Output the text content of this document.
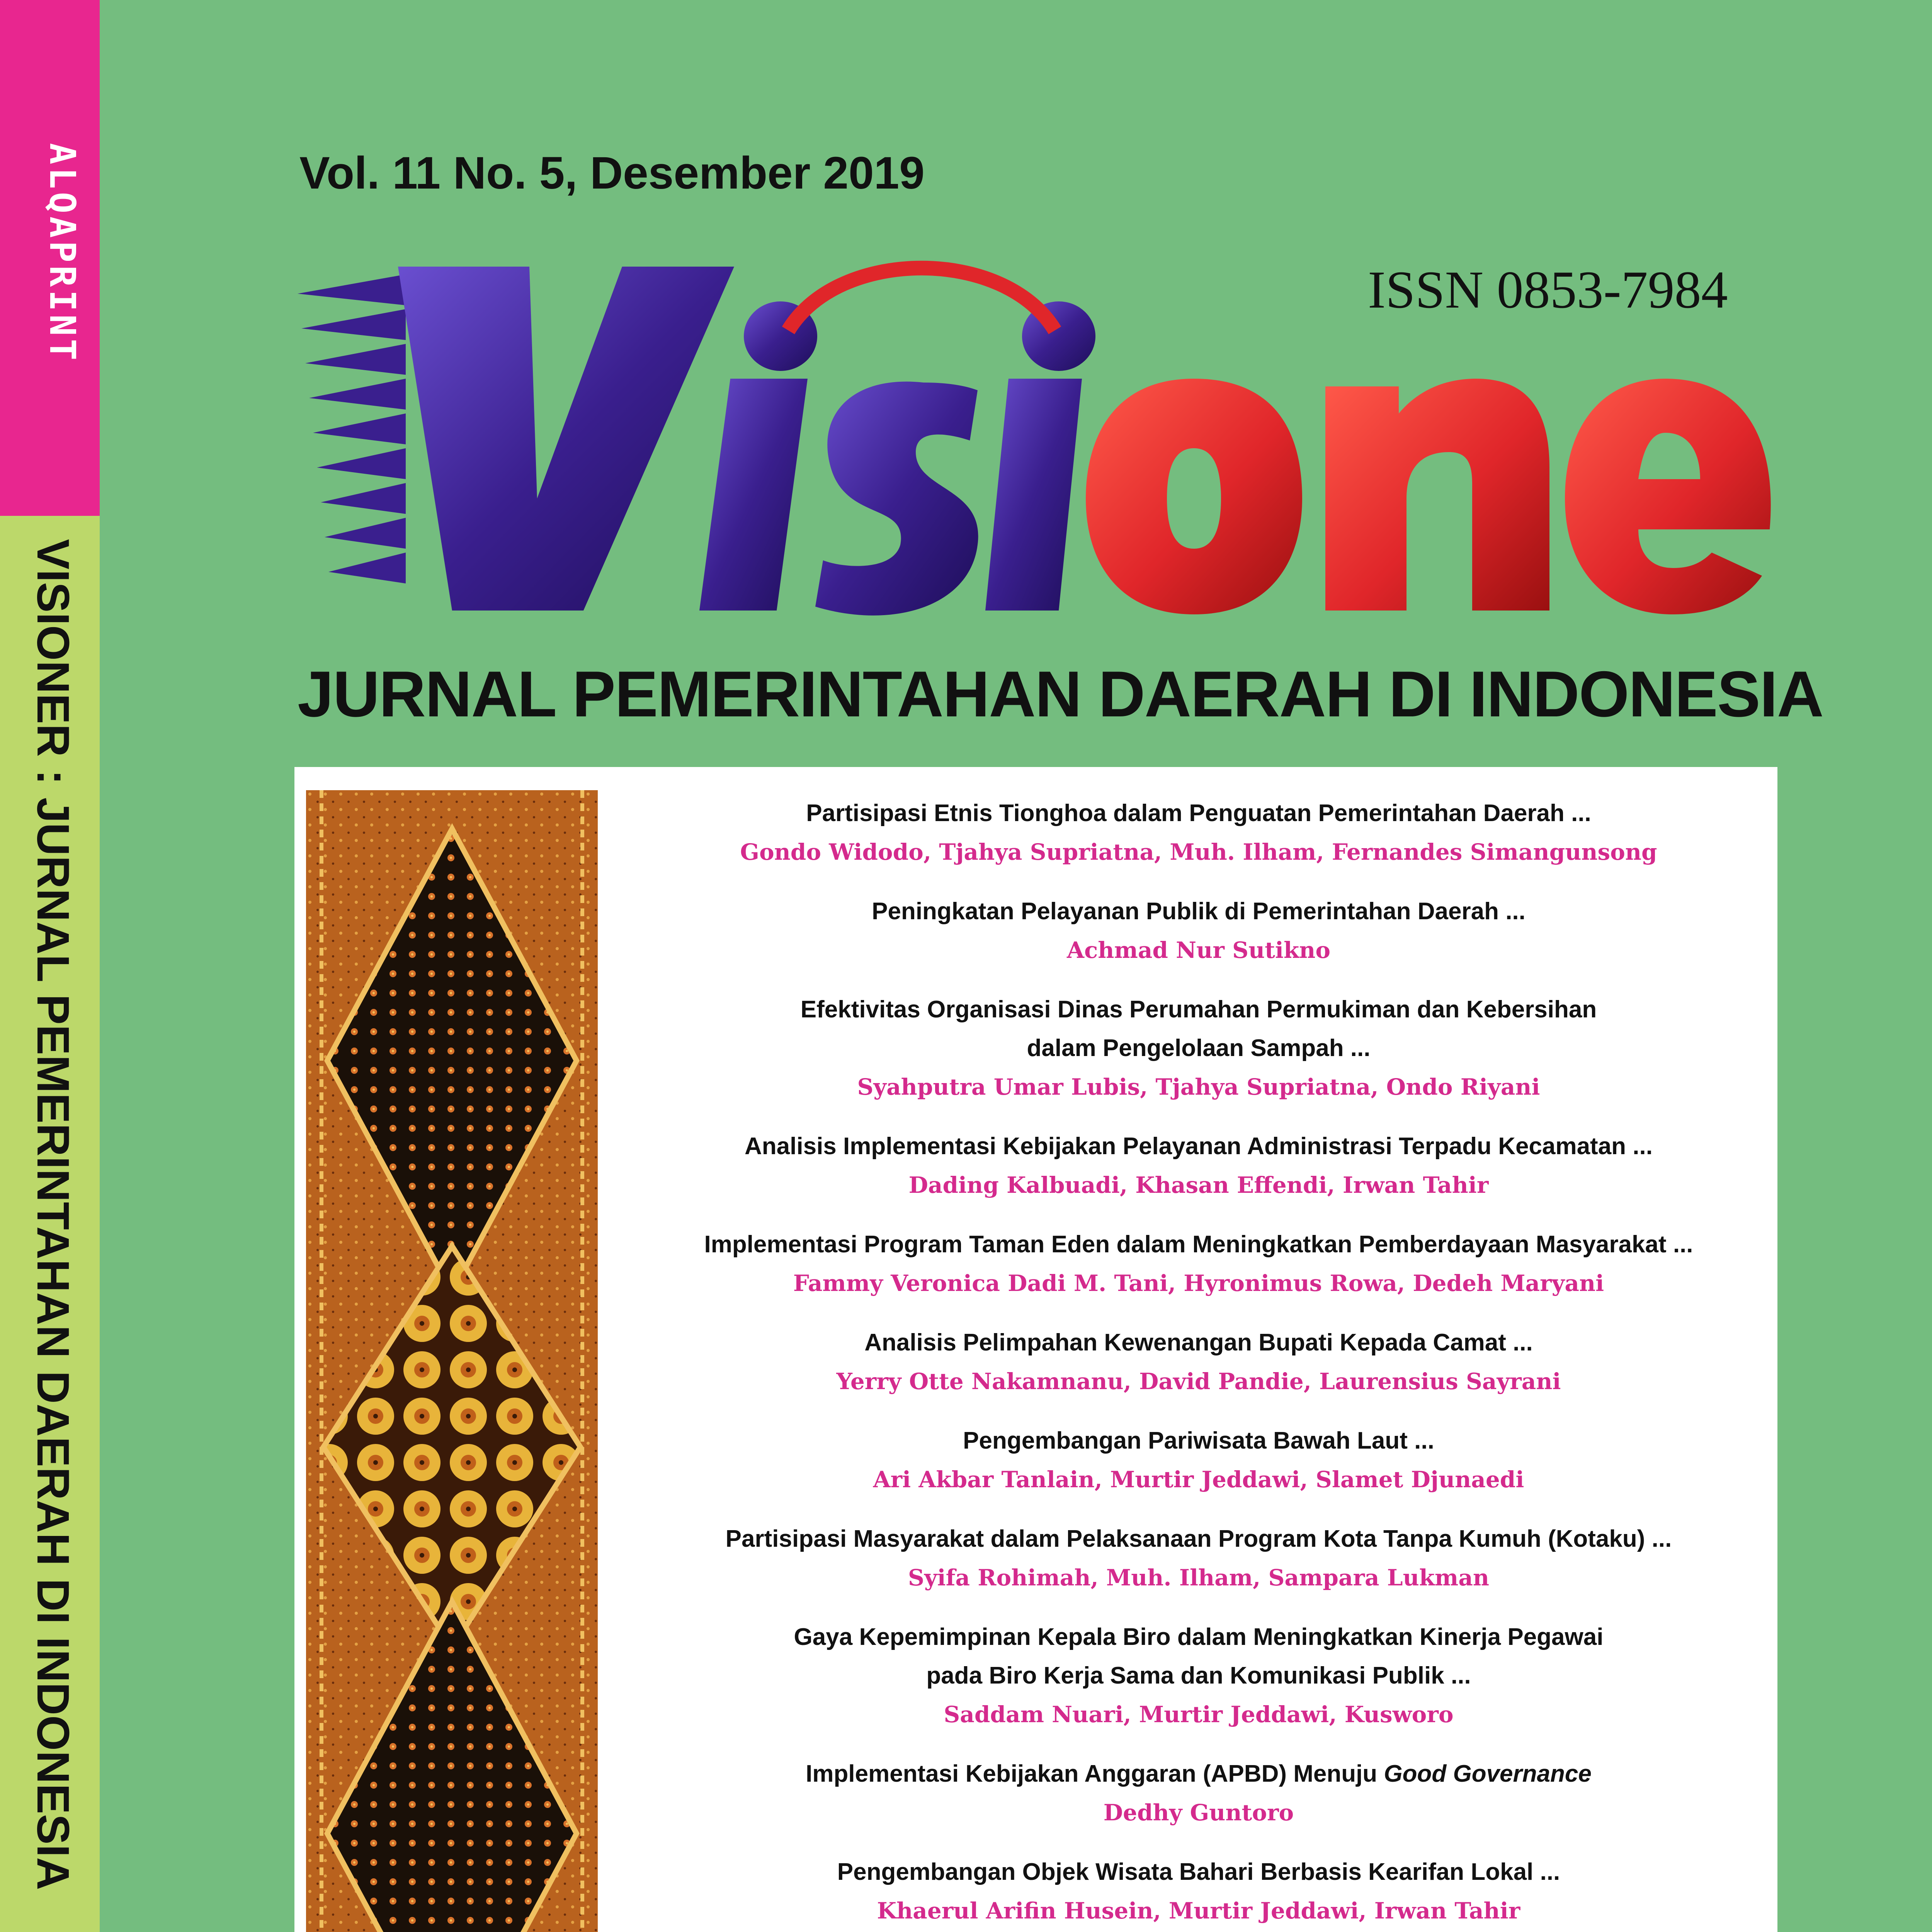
ALQAPRINT
VISIONER : JURNAL PEMERINTAHAN DAERAH DI INDONESIA
Vol. 11 No. 5, Desember 2019
ISSN 0853-7984
JURNAL PEMERINTAHAN DAERAH DI INDONESIA
Partisipasi Etnis Tionghoa dalam Penguatan Pemerintahan Daerah ...
Gondo Widodo, Tjahya Supriatna, Muh. Ilham, Fernandes Simangunsong
Peningkatan Pelayanan Publik di Pemerintahan Daerah ...
Achmad Nur Sutikno
Efektivitas Organisasi Dinas Perumahan Permukiman dan Kebersihan
dalam Pengelolaan Sampah ...
Syahputra Umar Lubis, Tjahya Supriatna, Ondo Riyani
Analisis Implementasi Kebijakan Pelayanan Administrasi Terpadu Kecamatan ...
Dading Kalbuadi, Khasan Effendi, Irwan Tahir
Implementasi Program Taman Eden dalam Meningkatkan Pemberdayaan Masyarakat ...
Fammy Veronica Dadi M. Tani, Hyronimus Rowa, Dedeh Maryani
Analisis Pelimpahan Kewenangan Bupati Kepada Camat ...
Yerry Otte Nakamnanu, David Pandie, Laurensius Sayrani
Pengembangan Pariwisata Bawah Laut ...
Ari Akbar Tanlain, Murtir Jeddawi, Slamet Djunaedi
Partisipasi Masyarakat dalam Pelaksanaan Program Kota Tanpa Kumuh (Kotaku) ...
Syifa Rohimah, Muh. Ilham, Sampara Lukman
Gaya Kepemimpinan Kepala Biro dalam Meningkatkan Kinerja Pegawai
pada Biro Kerja Sama dan Komunikasi Publik ...
Saddam Nuari, Murtir Jeddawi, Kusworo
Implementasi Kebijakan Anggaran (APBD) Menuju Good Governance
Dedhy Guntoro
Pengembangan Objek Wisata Bahari Berbasis Kearifan Lokal ...
Khaerul Arifin Husein, Murtir Jeddawi, Irwan Tahir
